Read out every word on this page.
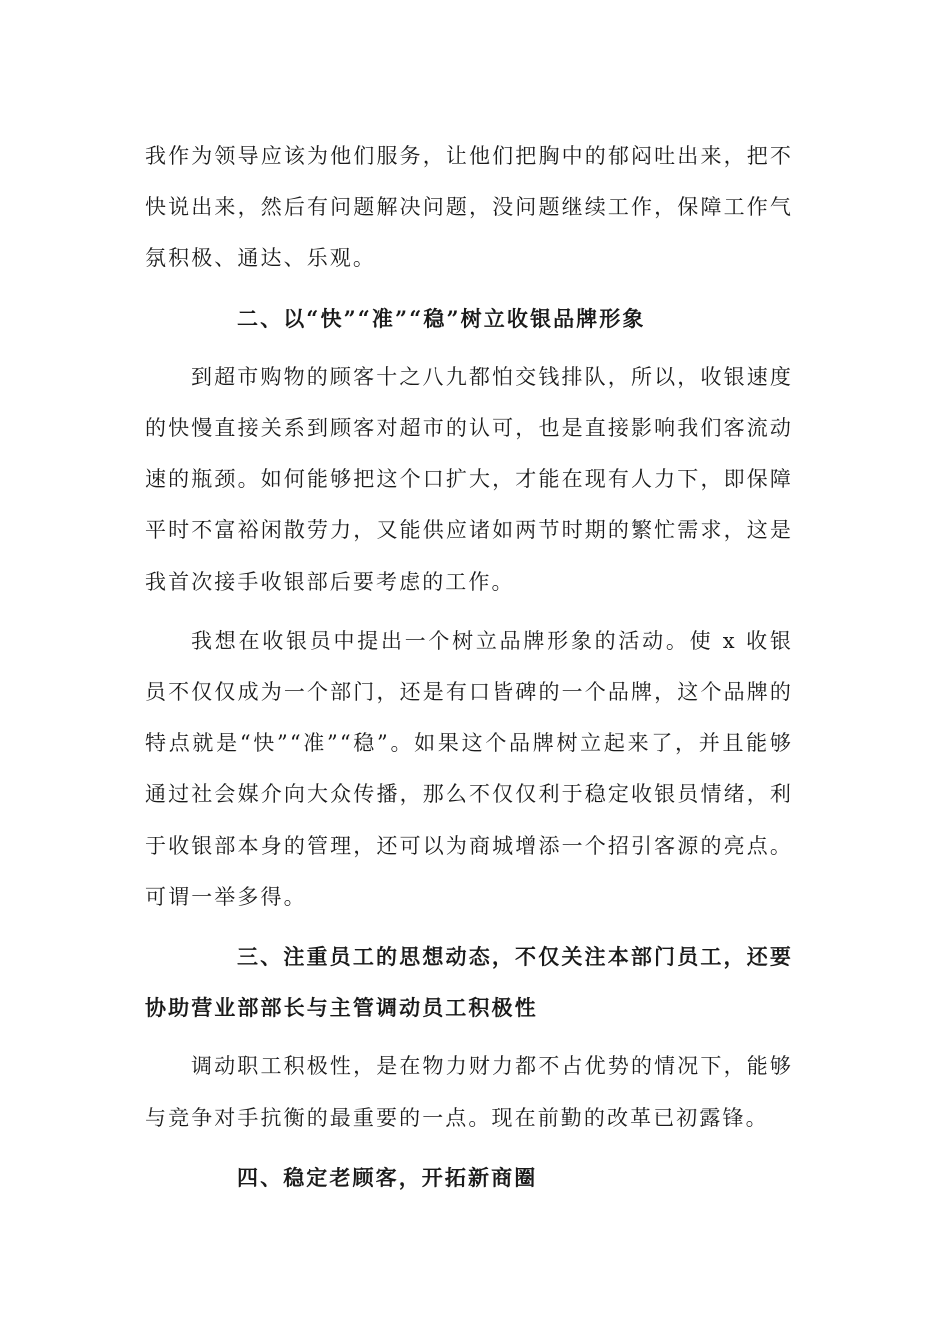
我作为领导应该为他们服务，让他们把胸中的郁闷吐出来，把不快说出来，然后有问题解决问题，没问题继续工作，保障工作气氛积极、通达、乐观。

二、以“快”“准”“稳”树立收银品牌形象

到超市购物的顾客十之八九都怕交钱排队，所以，收银速度的快慢直接关系到顾客对超市的认可，也是直接影响我们客流动速的瓶颈。如何能够把这个口扩大，才能在现有人力下，即保障平时不富裕闲散劳力，又能供应诸如两节时期的繁忙需求，这是我首次接手收银部后要考虑的工作。

我想在收银员中提出一个树立品牌形象的活动。使 x 收银员不仅仅成为一个部门，还是有口皆碑的一个品牌，这个品牌的特点就是“快”“准”“稳”。如果这个品牌树立起来了，并且能够通过社会媒介向大众传播，那么不仅仅利于稳定收银员情绪，利于收银部本身的管理，还可以为商城增添一个招引客源的亮点。可谓一举多得。

三、注重员工的思想动态，不仅关注本部门员工，还要协助营业部部长与主管调动员工积极性

调动职工积极性，是在物力财力都不占优势的情况下，能够与竞争对手抗衡的最重要的一点。现在前勤的改革已初露锋。

四、稳定老顾客，开拓新商圈
